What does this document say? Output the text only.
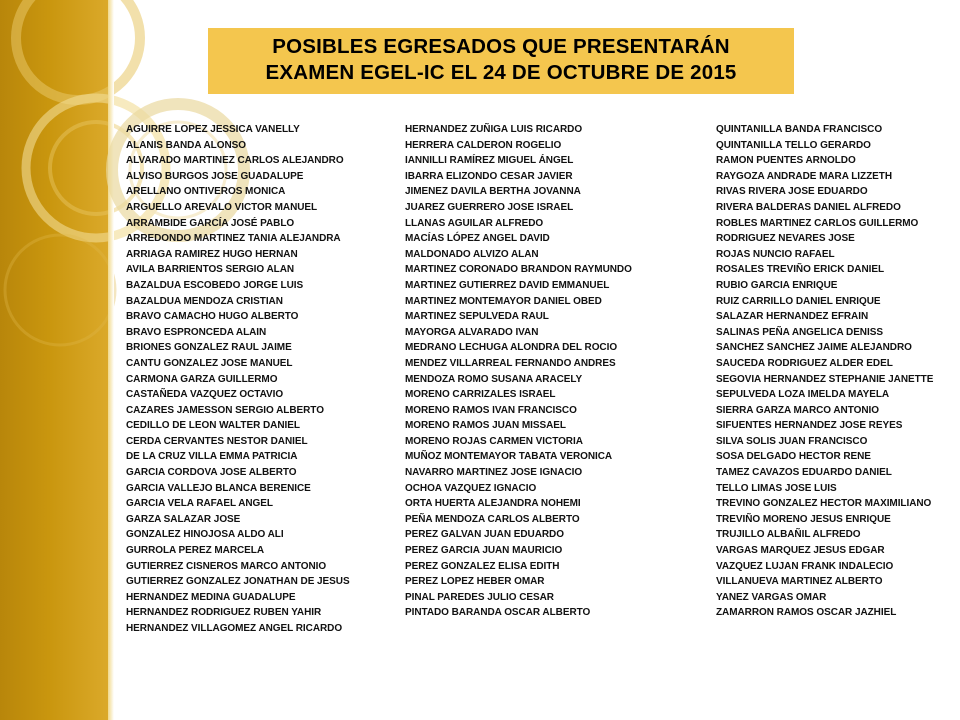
POSIBLES EGRESADOS QUE PRESENTARÁN
EXAMEN EGEL-IC EL 24 DE OCTUBRE DE 2015
AGUIRRE LOPEZ JESSICA VANELLY
ALANIS BANDA ALONSO
ALVARADO MARTINEZ CARLOS ALEJANDRO
ALVISO BURGOS JOSE GUADALUPE
ARELLANO ONTIVEROS MONICA
ARGUELLO AREVALO VICTOR MANUEL
ARRAMBIDE GARCÍA JOSÉ PABLO
ARREDONDO MARTINEZ TANIA ALEJANDRA
ARRIAGA RAMIREZ HUGO HERNAN
AVILA BARRIENTOS SERGIO ALAN
BAZALDUA ESCOBEDO JORGE LUIS
BAZALDUA MENDOZA CRISTIAN
BRAVO CAMACHO HUGO ALBERTO
BRAVO ESPRONCEDA ALAIN
BRIONES GONZALEZ RAUL JAIME
CANTU GONZALEZ JOSE MANUEL
CARMONA GARZA GUILLERMO
CASTAÑEDA VAZQUEZ OCTAVIO
CAZARES JAMESSON SERGIO ALBERTO
CEDILLO DE LEON WALTER DANIEL
CERDA CERVANTES NESTOR DANIEL
DE LA CRUZ VILLA EMMA PATRICIA
GARCIA CORDOVA JOSE ALBERTO
GARCIA VALLEJO BLANCA BERENICE
GARCIA VELA RAFAEL ANGEL
GARZA SALAZAR JOSE
GONZALEZ HINOJOSA ALDO ALI
GURROLA PEREZ MARCELA
GUTIERREZ CISNEROS MARCO ANTONIO
GUTIERREZ GONZALEZ JONATHAN DE JESUS
HERNANDEZ MEDINA GUADALUPE
HERNANDEZ RODRIGUEZ RUBEN YAHIR
HERNANDEZ VILLAGOMEZ ANGEL RICARDO
HERNANDEZ ZUÑIGA LUIS RICARDO
HERRERA CALDERON ROGELIO
IANNILLI RAMÍREZ MIGUEL ÁNGEL
IBARRA ELIZONDO CESAR JAVIER
JIMENEZ DAVILA BERTHA JOVANNA
JUAREZ GUERRERO JOSE ISRAEL
LLANAS AGUILAR ALFREDO
MACÍAS LÓPEZ ANGEL DAVID
MALDONADO ALVIZO ALAN
MARTINEZ CORONADO BRANDON RAYMUNDO
MARTINEZ GUTIERREZ DAVID EMMANUEL
MARTINEZ MONTEMAYOR DANIEL OBED
MARTINEZ SEPULVEDA RAUL
MAYORGA ALVARADO IVAN
MEDRANO LECHUGA ALONDRA DEL ROCIO
MENDEZ VILLARREAL FERNANDO ANDRES
MENDOZA ROMO SUSANA ARACELY
MORENO CARRIZALES ISRAEL
MORENO RAMOS IVAN FRANCISCO
MORENO RAMOS JUAN MISSAEL
MORENO ROJAS CARMEN VICTORIA
MUÑOZ MONTEMAYOR TABATA VERONICA
NAVARRO MARTINEZ JOSE IGNACIO
OCHOA VAZQUEZ IGNACIO
ORTA HUERTA ALEJANDRA NOHEMI
PEÑA MENDOZA CARLOS ALBERTO
PEREZ GALVAN JUAN EDUARDO
PEREZ GARCIA JUAN MAURICIO
PEREZ GONZALEZ ELISA EDITH
PEREZ LOPEZ HEBER OMAR
PINAL PAREDES JULIO CESAR
PINTADO BARANDA OSCAR ALBERTO
QUINTANILLA BANDA FRANCISCO
QUINTANILLA TELLO GERARDO
RAMON PUENTES ARNOLDO
RAYGOZA ANDRADE MARA LIZZETH
RIVAS RIVERA JOSE EDUARDO
RIVERA BALDERAS DANIEL ALFREDO
ROBLES MARTINEZ CARLOS GUILLERMO
RODRIGUEZ NEVARES JOSE
ROJAS NUNCIO RAFAEL
ROSALES TREVIÑO ERICK DANIEL
RUBIO GARCIA ENRIQUE
RUIZ CARRILLO DANIEL ENRIQUE
SALAZAR HERNANDEZ EFRAIN
SALINAS PEÑA ANGELICA DENISS
SANCHEZ SANCHEZ JAIME ALEJANDRO
SAUCEDA RODRIGUEZ ALDER EDEL
SEGOVIA HERNANDEZ STEPHANIE JANETTE
SEPULVEDA LOZA IMELDA MAYELA
SIERRA GARZA MARCO ANTONIO
SIFUENTES HERNANDEZ JOSE REYES
SILVA SOLIS JUAN FRANCISCO
SOSA DELGADO HECTOR RENE
TAMEZ CAVAZOS EDUARDO DANIEL
TELLO LIMAS JOSE LUIS
TREVINO GONZALEZ HECTOR MAXIMILIANO
TREVIÑO MORENO JESUS ENRIQUE
TRUJILLO ALBAÑIL ALFREDO
VARGAS MARQUEZ JESUS EDGAR
VAZQUEZ LUJAN FRANK INDALECIO
VILLANUEVA MARTINEZ ALBERTO
YANEZ VARGAS OMAR
ZAMARRON RAMOS OSCAR JAZHIEL
